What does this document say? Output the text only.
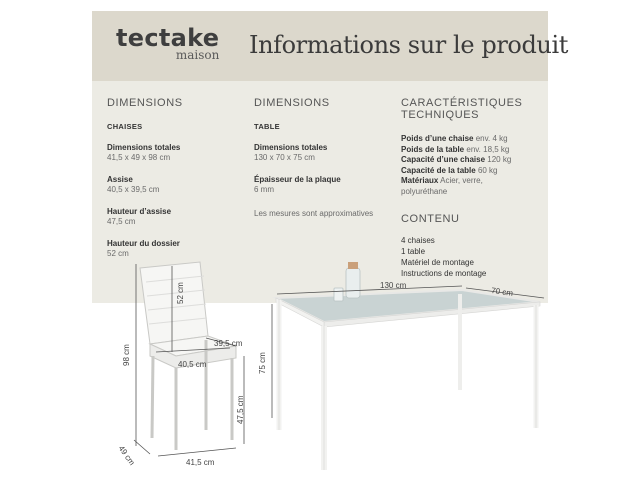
tectake
maison Informations sur le produit
DIMENSIONS
CHAISES
Dimensions totales
41,5 x 49 x 98 cm
Assise
40,5 x 39,5 cm
Hauteur d’assise
47,5 cm
Hauteur du dossier
52 cm
DIMENSIONS
TABLE
Dimensions totales
130 x 70 x 75 cm
Épaisseur de la plaque
6 mm
Les mesures sont approximatives
CARACTÉRISTIQUES
TECHNIQUES
Poids d’une chaise env. 4 kg
Poids de la table env. 18,5 kg
Capacité d’une chaise 120 kg
Capacité de la table 60 kg
Matériaux Acier, verre,
polyuréthane
CONTENU
4 chaises
1 table
Matériel de montage
Instructions de montage
52 cm
98 cm
39,5 cm
40,5 cm
47,5 cm
49 cm	41,5 cm
130 cm
70 cm
75 cm
